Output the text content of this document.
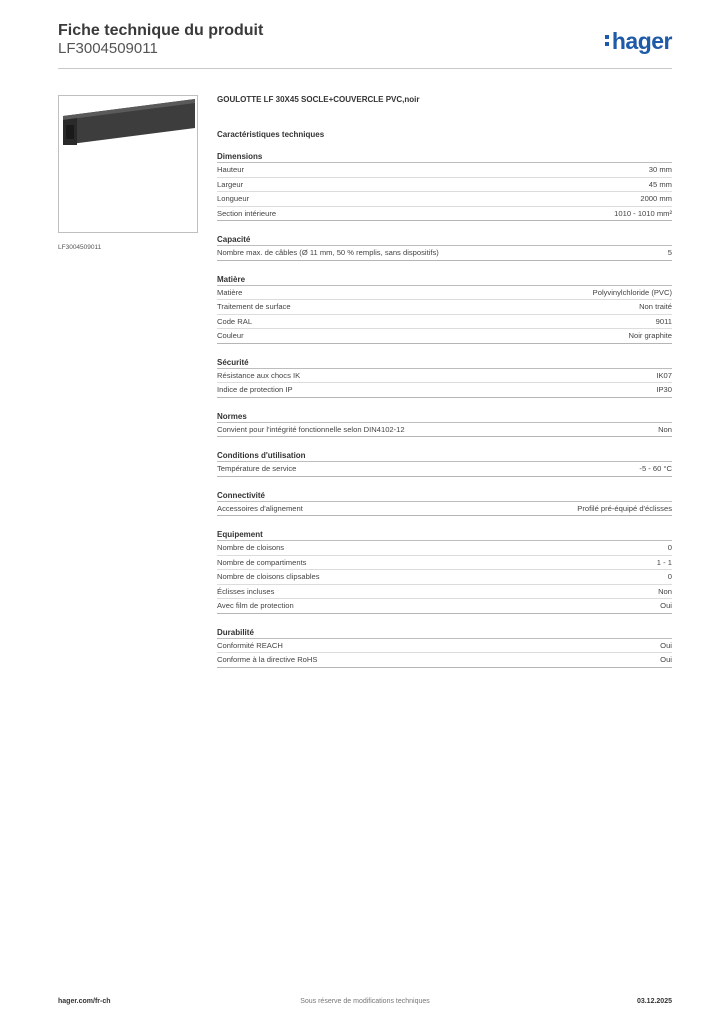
Fiche technique du produit
LF3004509011	hager
LF3004509011
GOULOTTE LF 30X45 SOCLE+COUVERCLE PVC,noir
Caractéristiques techniques
Dimensions
Hauteur	30 mm
Largeur	45 mm
Longueur	2000 mm
Section intérieure	1010 - 1010 mm²
Capacité
Nombre max. de câbles (Ø 11 mm, 50 % remplis, sans dispositifs)	5
Matière
Matière	Polyvinylchloride (PVC)
Traitement de surface	Non traité
Code RAL	9011
Couleur	Noir graphite
Sécurité
Résistance aux chocs IK	IK07
Indice de protection IP	IP30
Normes
Convient pour l'intégrité fonctionnelle selon DIN4102-12	Non
Conditions d'utilisation
Température de service	-5 - 60 °C
Connectivité
Accessoires d'alignement	Profilé pré-équipé d'éclisses
Equipement
Nombre de cloisons	0
Nombre de compartiments	1 - 1
Nombre de cloisons clipsables	0
Éclisses incluses	Non
Avec film de protection	Oui
Durabilité
Conformité REACH	Oui
Conforme à la directive RoHS	Oui
hager.com/fr-ch	Sous réserve de modifications techniques	03.12.2025
